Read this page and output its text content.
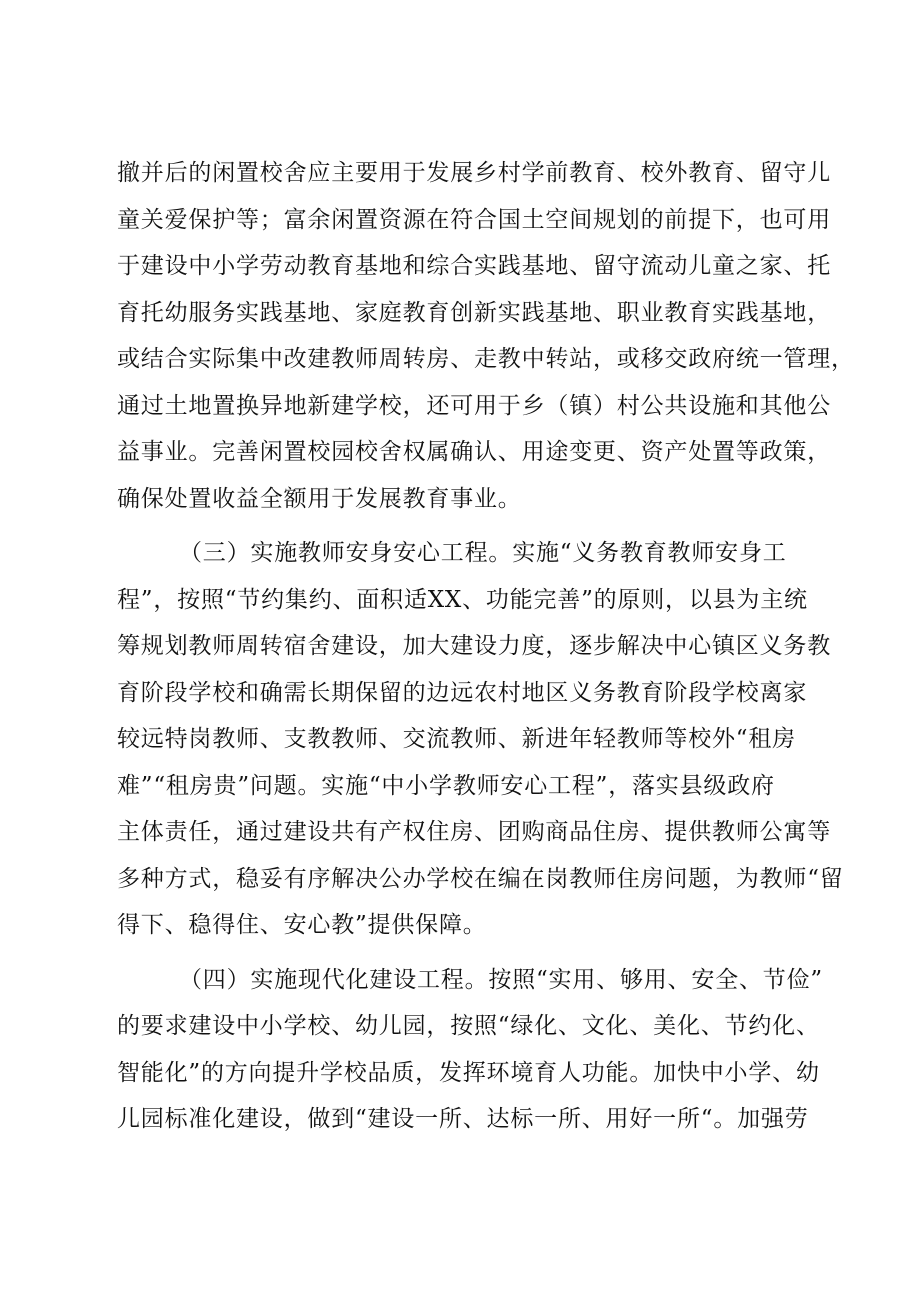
撤并后的闲置校舍应主要用于发展乡村学前教育、校外教育、留守儿
童关爱保护等；富余闲置资源在符合国土空间规划的前提下，也可用
于建设中小学劳动教育基地和综合实践基地、留守流动儿童之家、托
育托幼服务实践基地、家庭教育创新实践基地、职业教育实践基地，
或结合实际集中改建教师周转房、走教中转站，或移交政府统一管理，
通过土地置换异地新建学校，还可用于乡（镇）村公共设施和其他公
益事业。完善闲置校园校舍权属确认、用途变更、资产处置等政策，
确保处置收益全额用于发展教育事业。
（三）实施教师安身安心工程。实施“义务教育教师安身工
程”，按照“节约集约、面积适XX、功能完善”的原则，以县为主统
筹规划教师周转宿舍建设，加大建设力度，逐步解决中心镇区义务教
育阶段学校和确需长期保留的边远农村地区义务教育阶段学校离家
较远特岗教师、支教教师、交流教师、新进年轻教师等校外“租房
难”“租房贵”问题。实施“中小学教师安心工程”，落实县级政府
主体责任，通过建设共有产权住房、团购商品住房、提供教师公寓等
多种方式，稳妥有序解决公办学校在编在岗教师住房问题，为教师“留
得下、稳得住、安心教”提供保障。
（四）实施现代化建设工程。按照“实用、够用、安全、节俭”
的要求建设中小学校、幼儿园，按照“绿化、文化、美化、节约化、
智能化”的方向提升学校品质，发挥环境育人功能。加快中小学、幼
儿园标准化建设，做到“建设一所、达标一所、用好一所“。加强劳
